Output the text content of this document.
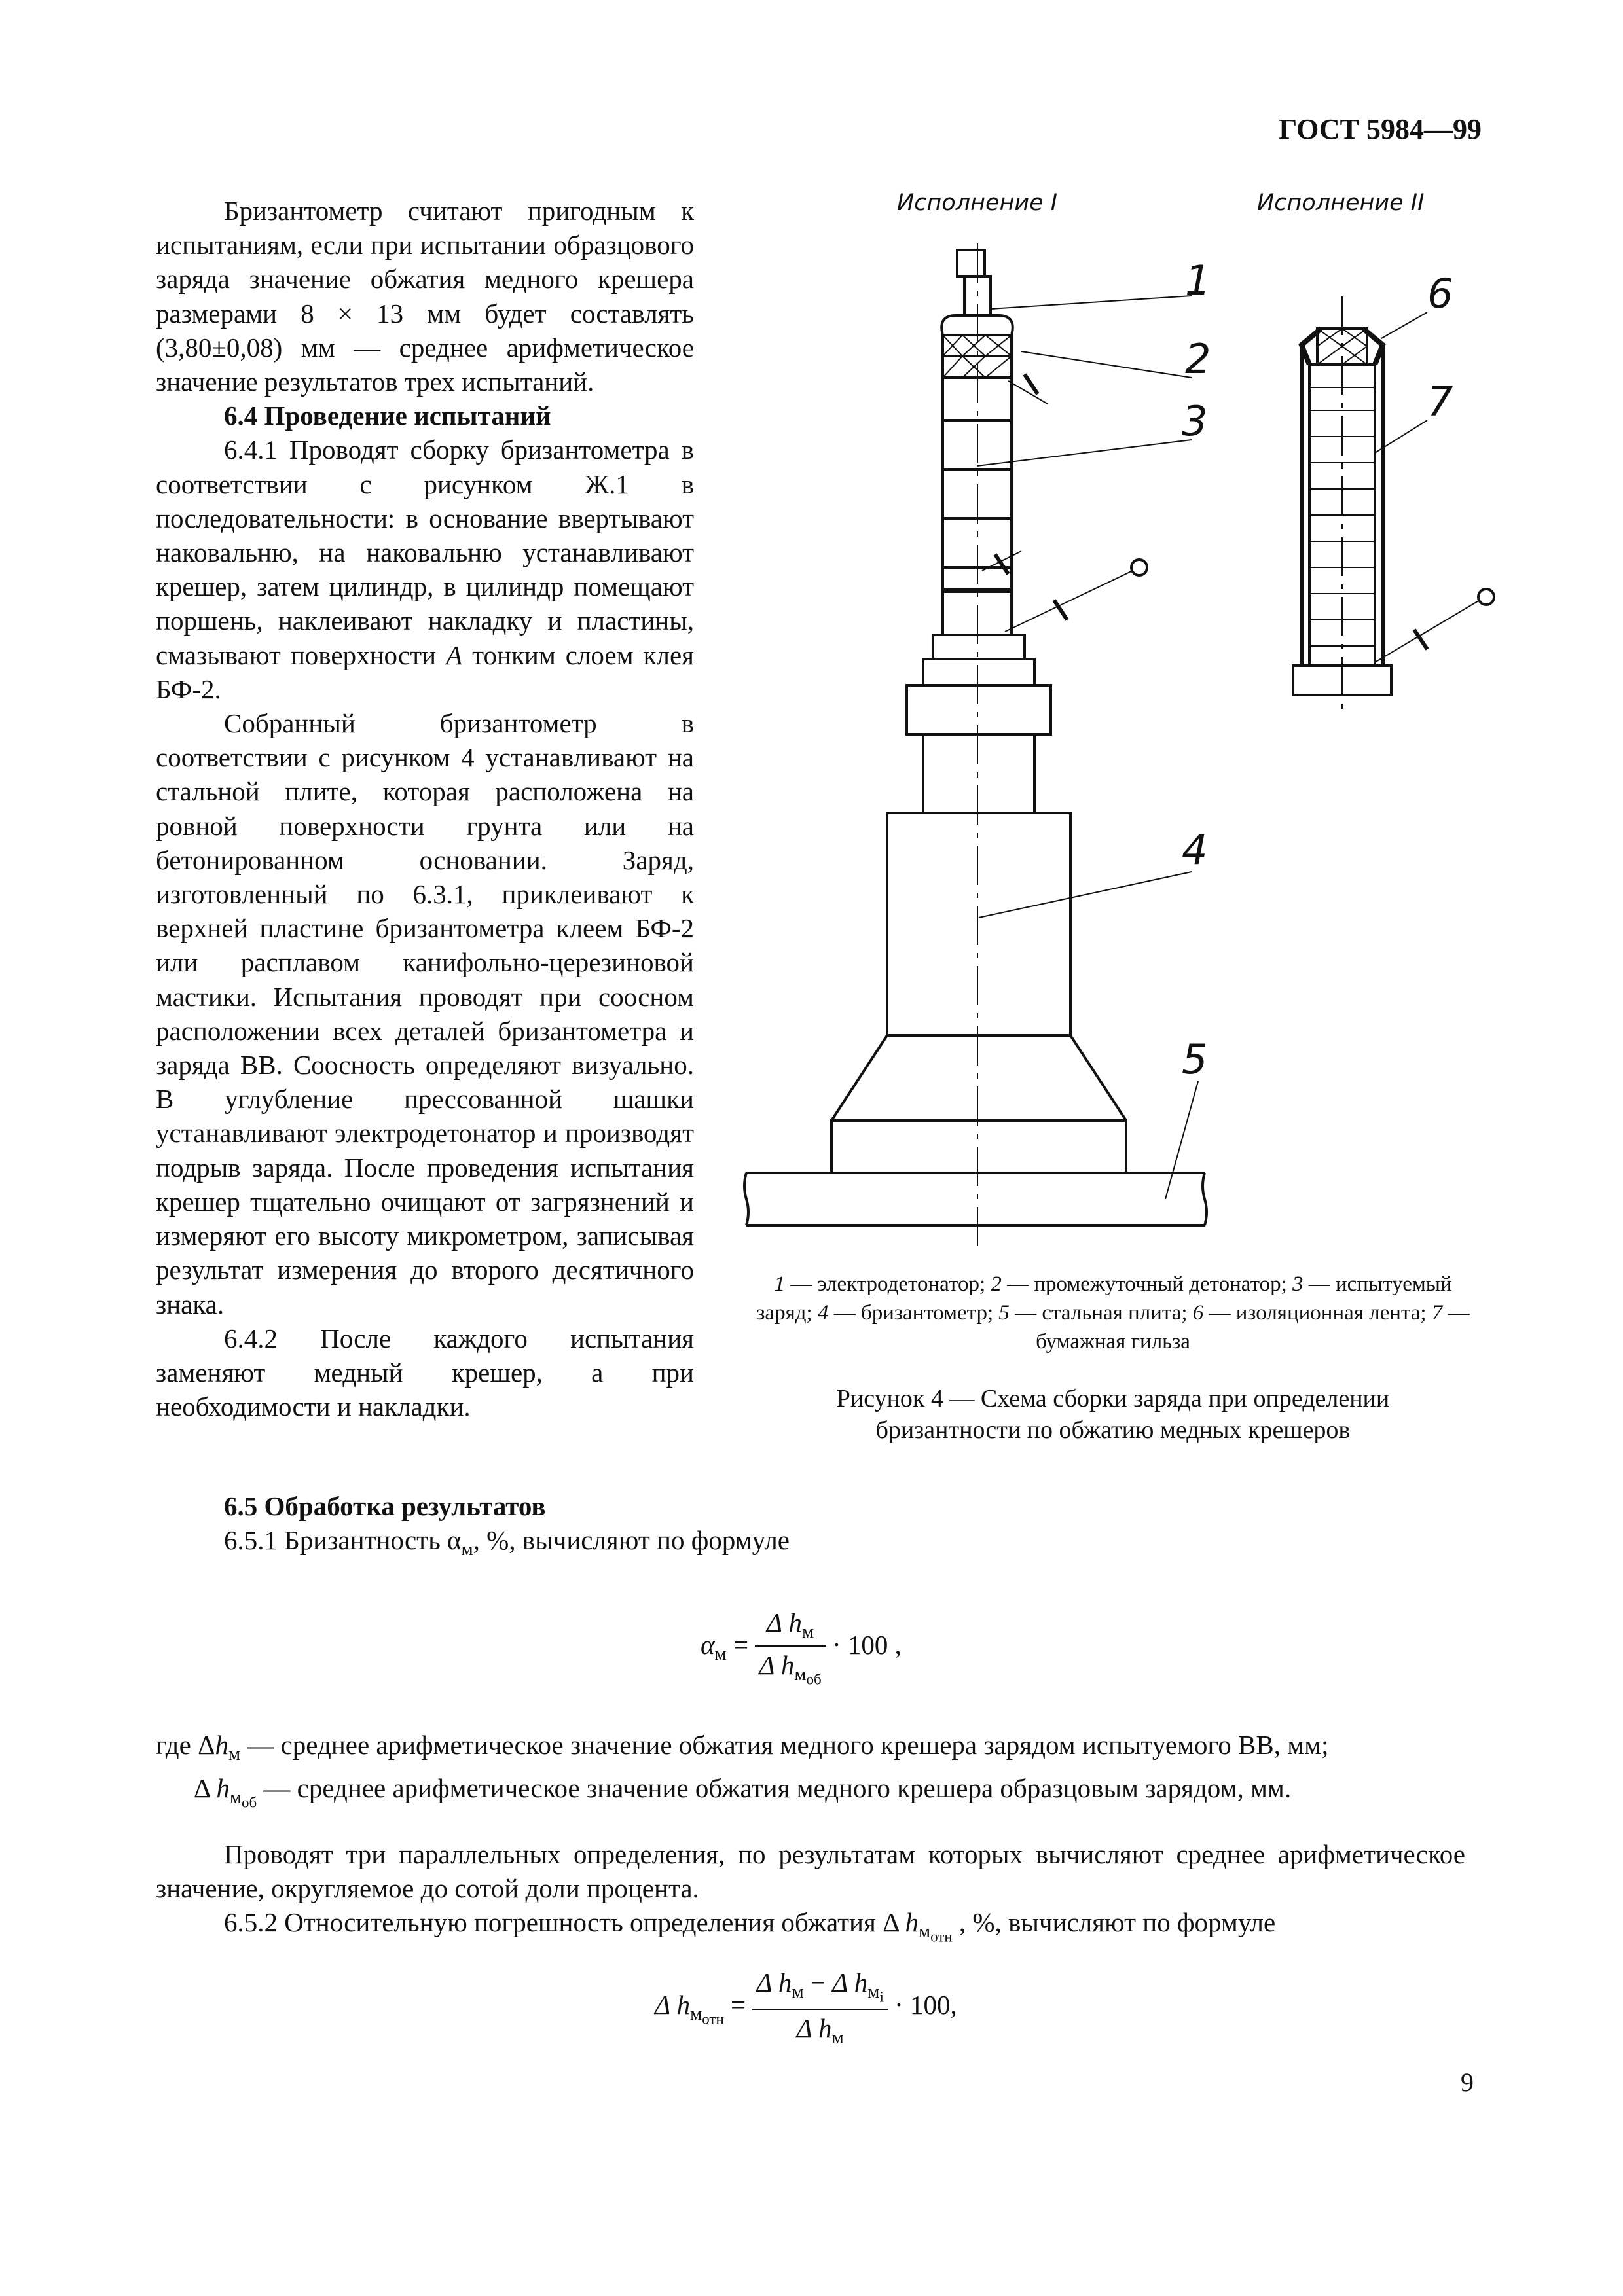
ГОСТ 5984—99

Бризантометр считают пригодным к испытаниям, если при испытании образцового заряда значение обжатия медного крешера размерами 8 × 13 мм будет составлять (3,80±0,08) мм — среднее арифметическое значение результатов трех испытаний.

6.4 Проведение испытаний

6.4.1 Проводят сборку бризантометра в соответствии с рисунком Ж.1 в последовательности: в основание ввертывают наковальню, на наковальню устанавливают крешер, затем цилиндр, в цилиндр помещают поршень, наклеивают накладку и пластины, смазывают поверхности А тонким слоем клея БФ-2.

Собранный бризантометр в соответствии с рисунком 4 устанавливают на стальной плите, которая расположена на ровной поверхности грунта или на бетонированном основании. Заряд, изготовленный по 6.3.1, приклеивают к верхней пластине бризантометра клеем БФ-2 или расплавом канифольно-церезиновой мастики. Испытания проводят при соосном расположении всех деталей бризантометра и заряда ВВ. Соосность определяют визуально. В углубление прессованной шашки устанавливают электродетонатор и производят подрыв заряда. После проведения испытания крешер тщательно очищают от загрязнений и измеряют его высоту микрометром, записывая результат измерения до второго десятичного знака.

6.4.2 После каждого испытания заменяют медный крешер, а при необходимости и накладки.

Исполнение I	Исполнение II
1
2
3
4
5
6
7
1 — электродетонатор; 2 — промежуточный детонатор; 3 — испытуемый заряд; 4 — бризантометр; 5 — стальная плита; 6 — изоляционная лента; 7 — бумажная гильза
Рисунок 4 — Схема сборки заряда при определении
бризантности по обжатию медных крешеров
6.5 Обработка результатов

6.5.1 Бризантность $\alpha_м$, %, вычисляют по формуле

$\alpha_м = \frac{\Delta h_м}{\Delta h_{м_{об}}} \cdot 100$ ,
где $\Delta h_м$ — среднее арифметическое значение обжатия медного крешера зарядом испытуемого ВВ, мм;
Δ $h_{м_{об}}$ — среднее арифметическое значение обжатия медного крешера образцовым зарядом, мм.

Проводят три параллельных определения, по результатам которых вычисляют среднее арифметическое значение, округляемое до сотой доли процента.

6.5.2 Относительную погрешность определения обжатия Δ $h_{м_{отн}}$ , %, вычисляют по формуле

Δ $h_{м_{отн}} = \frac{\Delta h_м - \Delta h_{м_i}}{\Delta h_м} \cdot 100$,
9
